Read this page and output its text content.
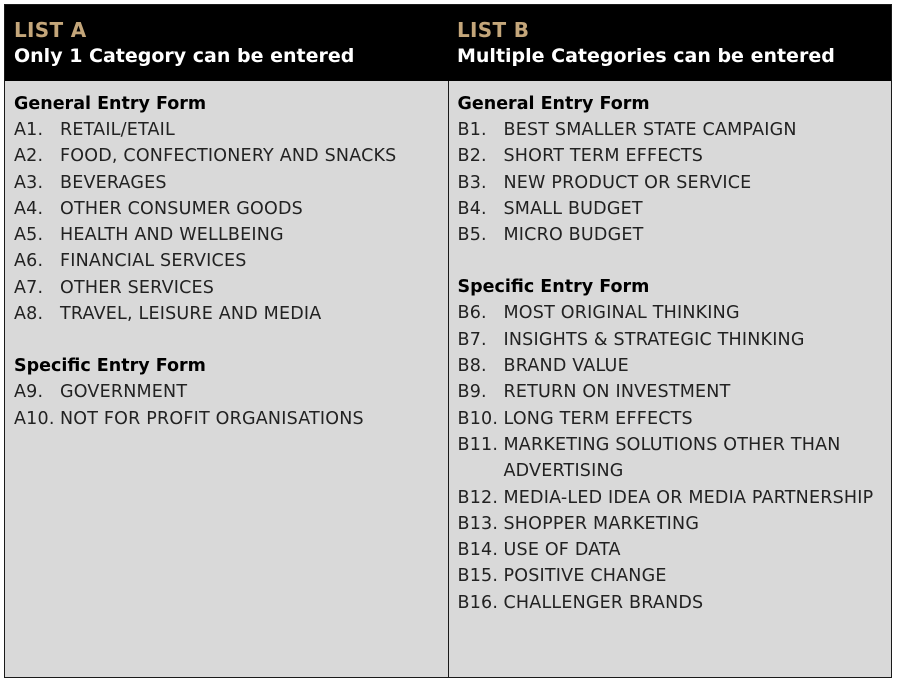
LIST A
Only 1 Category can be entered
LIST B
Multiple Categories can be entered
General Entry Form
A1. RETAIL/ETAIL
A2. FOOD, CONFECTIONERY AND SNACKS
A3. BEVERAGES
A4. OTHER CONSUMER GOODS
A5. HEALTH AND WELLBEING
A6. FINANCIAL SERVICES
A7. OTHER SERVICES
A8. TRAVEL, LEISURE AND MEDIA
Specific Entry Form
A9. GOVERNMENT
A10. NOT FOR PROFIT ORGANISATIONS
General Entry Form
B1. BEST SMALLER STATE CAMPAIGN
B2. SHORT TERM EFFECTS
B3. NEW PRODUCT OR SERVICE
B4. SMALL BUDGET
B5. MICRO BUDGET
Specific Entry Form
B6. MOST ORIGINAL THINKING
B7. INSIGHTS & STRATEGIC THINKING
B8. BRAND VALUE
B9. RETURN ON INVESTMENT
B10. LONG TERM EFFECTS
B11. MARKETING SOLUTIONS OTHER THAN ADVERTISING
B12. MEDIA-LED IDEA OR MEDIA PARTNERSHIP
B13. SHOPPER MARKETING
B14. USE OF DATA
B15. POSITIVE CHANGE
B16. CHALLENGER BRANDS
